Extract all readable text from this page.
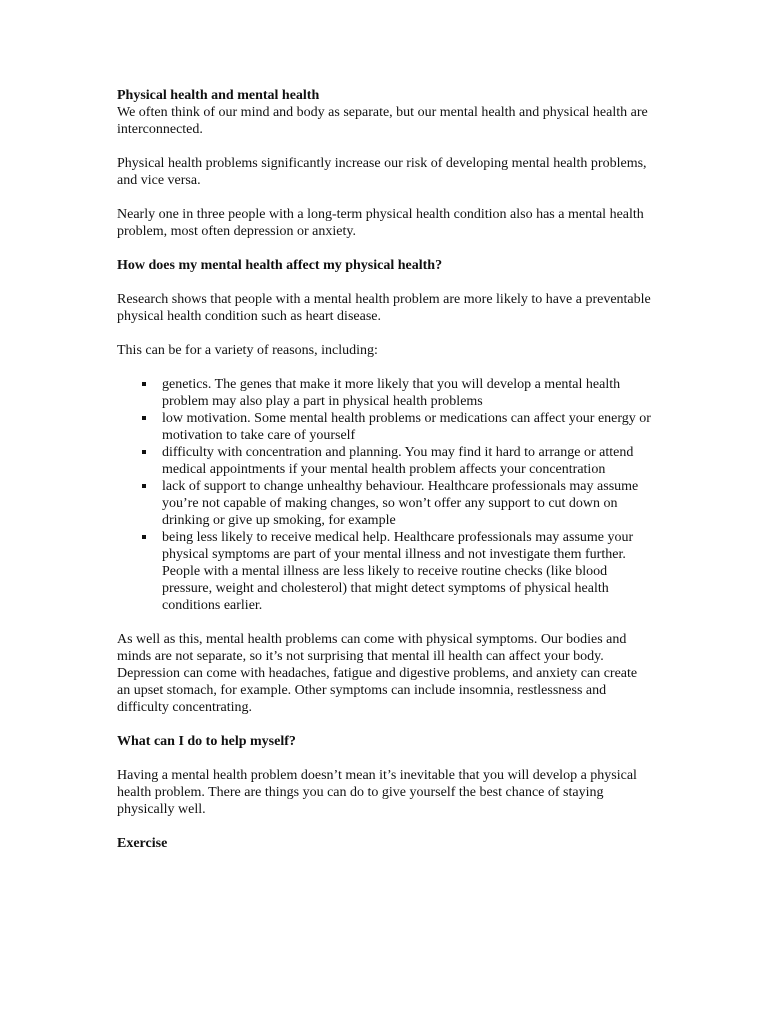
Physical health and mental health

We often think of our mind and body as separate, but our mental health and physical health are interconnected.

Physical health problems significantly increase our risk of developing mental health problems, and vice versa.

Nearly one in three people with a long-term physical health condition also has a mental health problem, most often depression or anxiety.

How does my mental health affect my physical health?

Research shows that people with a mental health problem are more likely to have a preventable physical health condition such as heart disease.

This can be for a variety of reasons, including:

genetics. The genes that make it more likely that you will develop a mental health problem may also play a part in physical health problems
low motivation. Some mental health problems or medications can affect your energy or motivation to take care of yourself
difficulty with concentration and planning. You may find it hard to arrange or attend medical appointments if your mental health problem affects your concentration
lack of support to change unhealthy behaviour. Healthcare professionals may assume you’re not capable of making changes, so won’t offer any support to cut down on drinking or give up smoking, for example
being less likely to receive medical help. Healthcare professionals may assume your physical symptoms are part of your mental illness and not investigate them further. People with a mental illness are less likely to receive routine checks (like blood pressure, weight and cholesterol) that might detect symptoms of physical health conditions earlier.

As well as this, mental health problems can come with physical symptoms. Our bodies and minds are not separate, so it’s not surprising that mental ill health can affect your body. Depression can come with headaches, fatigue and digestive problems, and anxiety can create an upset stomach, for example. Other symptoms can include insomnia, restlessness and difficulty concentrating.

What can I do to help myself?

Having a mental health problem doesn’t mean it’s inevitable that you will develop a physical health problem. There are things you can do to give yourself the best chance of staying physically well.

Exercise
